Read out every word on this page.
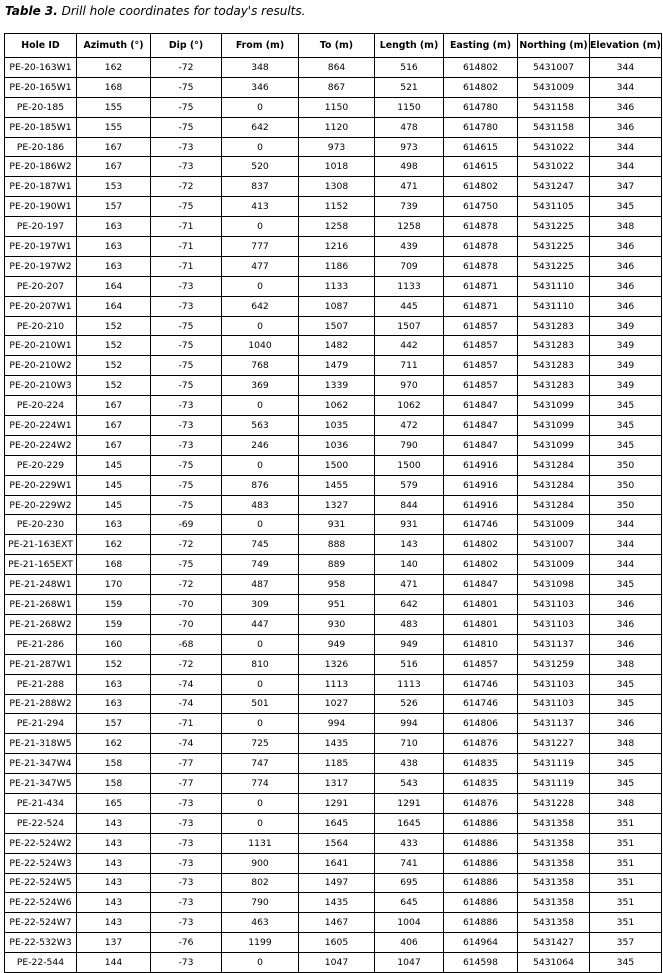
Table 3. Drill hole coordinates for today's results.
Hole ID	Azimuth (°)	Dip (°)	From (m)	To (m)	Length (m)	Easting (m)	Northing (m)	Elevation (m)
PE-20-163W1	162	-72	348	864	516	614802	5431007	344
PE-20-165W1	168	-75	346	867	521	614802	5431009	344
PE-20-185	155	-75	0	1150	1150	614780	5431158	346
PE-20-185W1	155	-75	642	1120	478	614780	5431158	346
PE-20-186	167	-73	0	973	973	614615	5431022	344
PE-20-186W2	167	-73	520	1018	498	614615	5431022	344
PE-20-187W1	153	-72	837	1308	471	614802	5431247	347
PE-20-190W1	157	-75	413	1152	739	614750	5431105	345
PE-20-197	163	-71	0	1258	1258	614878	5431225	348
PE-20-197W1	163	-71	777	1216	439	614878	5431225	346
PE-20-197W2	163	-71	477	1186	709	614878	5431225	346
PE-20-207	164	-73	0	1133	1133	614871	5431110	346
PE-20-207W1	164	-73	642	1087	445	614871	5431110	346
PE-20-210	152	-75	0	1507	1507	614857	5431283	349
PE-20-210W1	152	-75	1040	1482	442	614857	5431283	349
PE-20-210W2	152	-75	768	1479	711	614857	5431283	349
PE-20-210W3	152	-75	369	1339	970	614857	5431283	349
PE-20-224	167	-73	0	1062	1062	614847	5431099	345
PE-20-224W1	167	-73	563	1035	472	614847	5431099	345
PE-20-224W2	167	-73	246	1036	790	614847	5431099	345
PE-20-229	145	-75	0	1500	1500	614916	5431284	350
PE-20-229W1	145	-75	876	1455	579	614916	5431284	350
PE-20-229W2	145	-75	483	1327	844	614916	5431284	350
PE-20-230	163	-69	0	931	931	614746	5431009	344
PE-21-163EXT	162	-72	745	888	143	614802	5431007	344
PE-21-165EXT	168	-75	749	889	140	614802	5431009	344
PE-21-248W1	170	-72	487	958	471	614847	5431098	345
PE-21-268W1	159	-70	309	951	642	614801	5431103	346
PE-21-268W2	159	-70	447	930	483	614801	5431103	346
PE-21-286	160	-68	0	949	949	614810	5431137	346
PE-21-287W1	152	-72	810	1326	516	614857	5431259	348
PE-21-288	163	-74	0	1113	1113	614746	5431103	345
PE-21-288W2	163	-74	501	1027	526	614746	5431103	345
PE-21-294	157	-71	0	994	994	614806	5431137	346
PE-21-318W5	162	-74	725	1435	710	614876	5431227	348
PE-21-347W4	158	-77	747	1185	438	614835	5431119	345
PE-21-347W5	158	-77	774	1317	543	614835	5431119	345
PE-21-434	165	-73	0	1291	1291	614876	5431228	348
PE-22-524	143	-73	0	1645	1645	614886	5431358	351
PE-22-524W2	143	-73	1131	1564	433	614886	5431358	351
PE-22-524W3	143	-73	900	1641	741	614886	5431358	351
PE-22-524W5	143	-73	802	1497	695	614886	5431358	351
PE-22-524W6	143	-73	790	1435	645	614886	5431358	351
PE-22-524W7	143	-73	463	1467	1004	614886	5431358	351
PE-22-532W3	137	-76	1199	1605	406	614964	5431427	357
PE-22-544	144	-73	0	1047	1047	614598	5431064	345
